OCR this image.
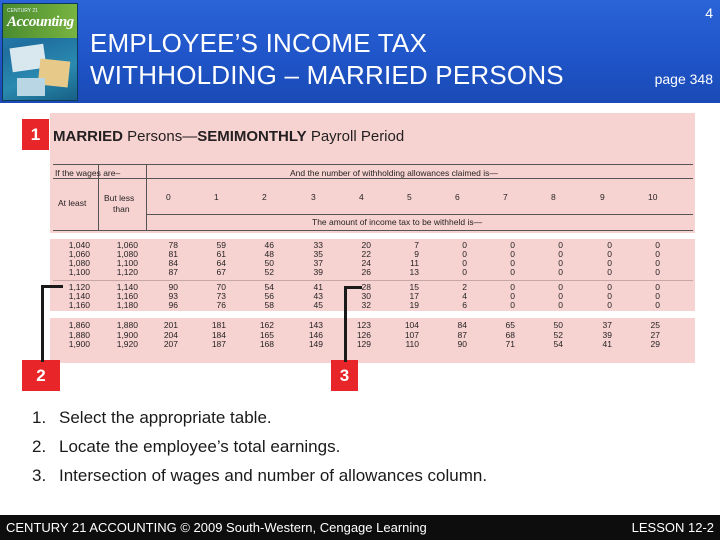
CENTURY 21
Accounting
EMPLOYEE’S INCOME TAX
WITHHOLDING – MARRIED PERSONS
4
page 348
MARRIED Persons—SEMIMONTHLY Payroll Period
If the wages are–	And the number of withholding allowances claimed is—
At least But less
than
The amount of income tax to be withheld is—
0	1	2	3	4	5	6	7	8	9	10
1,040	1,060	78	59	46	33	20	7	0	0	0	0	0
1,060	1,080	81	61	48	35	22	9	0	0	0	0	0
1,080	1,100	84	64	50	37	24	11	0	0	0	0	0
1,100	1,120	87	67	52	39	26	13	0	0	0	0	0
1,120	1,140	90	70	54	41	28	15	2	0	0	0	0
1,140	1,160	93	73	56	43	30	17	4	0	0	0	0
1,160	1,180	96	76	58	45	32	19	6	0	0	0	0
1,860	1,880	201	181	162	143	123	104	84	65	50	37	25
1,880	1,900	204	184	165	146	126	107	87	68	52	39	27
1,900	1,920	207	187	168	149	129	110	90	71	54	41	29
1
2	3
1. Select the appropriate table.
2. Locate the employee’s total earnings.
3. Intersection of wages and number of allowances column.
CENTURY 21 ACCOUNTING © 2009 South-Western, Cengage Learning	LESSON 12-2
